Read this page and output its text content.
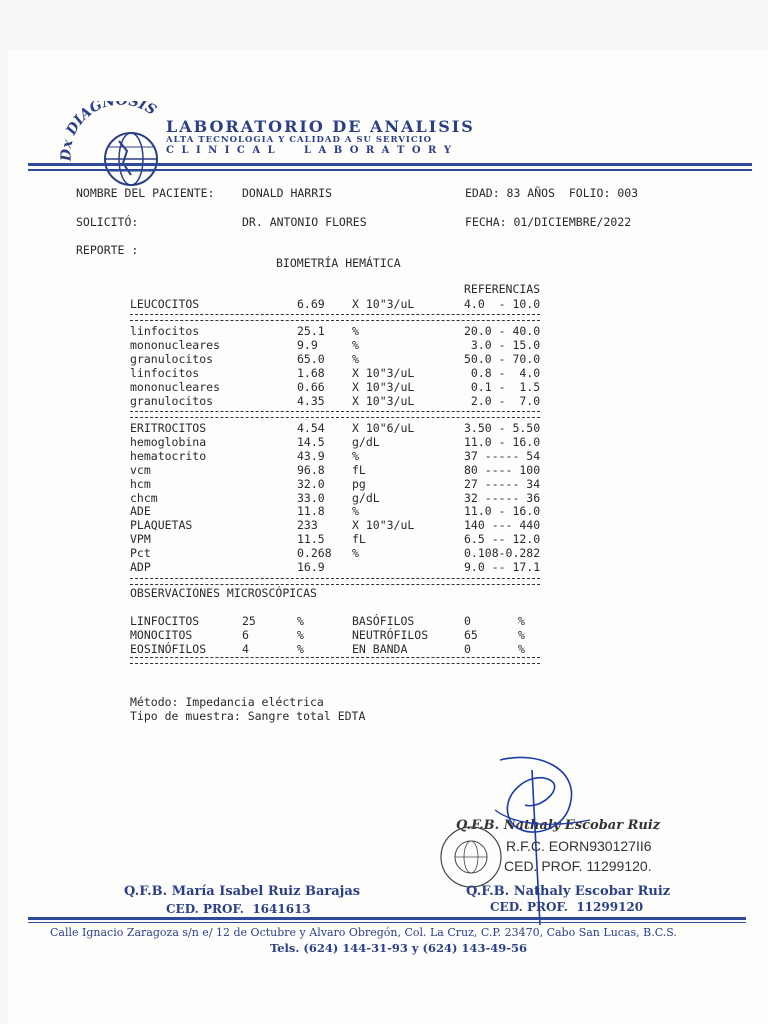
Dx DIAGN SIS

LABORATORIO DE ANALISIS
ALTA TECNOLOGIA Y CALIDAD A SU SERVICIO
C L I N I C A L     L A B O R A T O R Y
NOMBRE DEL PACIENTE: DONALD HARRIS	EDAD: 83 AÑOS  FOLIO: 003
SOLICITÓ:	DR. ANTONIO FLORES	FECHA: 01/DICIEMBRE/2022
REPORTE :
BIOMETRÍA HEMÁTICA
REFERENCIAS
LEUCOCITOS	6.69 X 10"3/uL	4.0  - 10.0
linfocitos	25.1 %	20.0 - 40.0
mononucleares	9.9	%	3.0 - 15.0
granulocitos	65.0 %	50.0 - 70.0
linfocitos	1.68 X 10"3/uL	0.8 -  4.0
mononucleares	0.66 X 10"3/uL	0.1 -  1.5
granulocitos	4.35 X 10"3/uL	2.0 -  7.0
ERITROCITOS	4.54 X 10"6/uL	3.50 - 5.50
hemoglobina	14.5 g/dL	11.0 - 16.0
hematocrito	43.9 %	37 ----- 54
vcm	96.8 fL	80 ---- 100
hcm	32.0 pg	27 ----- 34
chcm	33.0 g/dL	32 ----- 36
ADE	11.8 %	11.0 - 16.0
PLAQUETAS	233	X 10"3/uL	140 --- 440
VPM	11.5 fL	6.5 -- 12.0
Pct	0.268 %	0.108-0.282
ADP	16.9	9.0 -- 17.1
OBSERVACIONES MICROSCÓPICAS
LINFOCITOS	25	%	BASÓFILOS	0	%
MONOCITOS	6	%	NEUTRÓFILOS	65	%
EOSINÓFILOS	4	%	EN BANDA	0	%
Método: Impedancia eléctrica
Tipo de muestra: Sangre total EDTA
Q.F.B. Nathaly Escobar Ruiz
R.F.C. EORN930127II6
CED. PROF. 11299120.
Q.F.B. María Isabel Ruiz Barajas
CED. PROF.  1641613
Q.F.B. Nathaly Escobar Ruiz
CED. PROF.  11299120
Calle Ignacio Zaragoza s/n e/ 12 de Octubre y Alvaro Obregón, Col. La Cruz, C.P. 23470, Cabo San Lucas, B.C.S.
Tels. (624) 144-31-93 y (624) 143-49-56
